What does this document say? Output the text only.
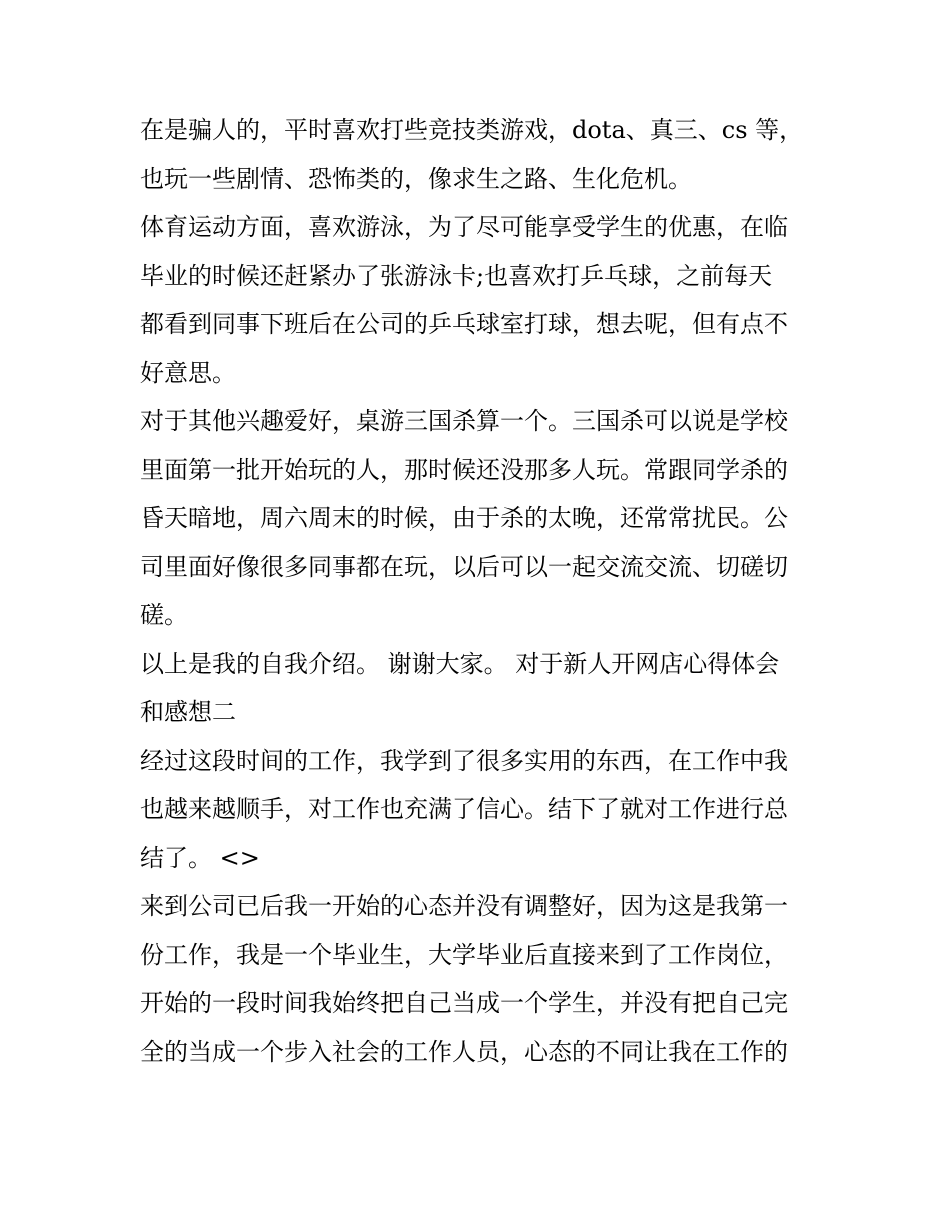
在是骗人的，平时喜欢打些竞技类游戏，dota、真三、cs 等，
也玩一些剧情、恐怖类的，像求生之路、生化危机。
体育运动方面，喜欢游泳，为了尽可能享受学生的优惠，在临
毕业的时候还赶紧办了张游泳卡;也喜欢打乒乓球，之前每天
都看到同事下班后在公司的乒乓球室打球，想去呢，但有点不
好意思。
对于其他兴趣爱好，桌游三国杀算一个。三国杀可以说是学校
里面第一批开始玩的人，那时候还没那多人玩。常跟同学杀的
昏天暗地，周六周末的时候，由于杀的太晚，还常常扰民。公
司里面好像很多同事都在玩，以后可以一起交流交流、切磋切
磋。
以上是我的自我介绍。 谢谢大家。 对于新人开网店心得体会
和感想二
经过这段时间的工作，我学到了很多实用的东西，在工作中我
也越来越顺手，对工作也充满了信心。结下了就对工作进行总
结了。 <>
来到公司已后我一开始的心态并没有调整好，因为这是我第一
份工作，我是一个毕业生，大学毕业后直接来到了工作岗位，
开始的一段时间我始终把自己当成一个学生，并没有把自己完
全的当成一个步入社会的工作人员，心态的不同让我在工作的
